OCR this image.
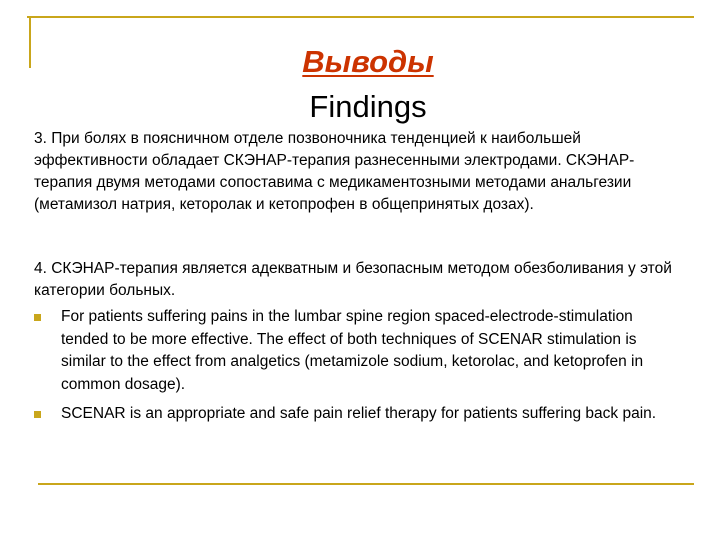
Выводы
Findings
3. При болях в поясничном отделе позвоночника тенденцией к наибольшей эффективности обладает СКЭНАР-терапия разнесенными электродами. СКЭНАР-терапия двумя методами сопоставима с медикаментозными методами анальгезии (метамизол натрия, кеторолак и кетопрофен в общепринятых дозах).
4. СКЭНАР-терапия является адекватным и безопасным методом обезболивания у этой категории больных.
For patients suffering pains in the lumbar spine region spaced-electrode-stimulation tended to be more effective. The effect of both techniques of SCENAR stimulation is similar to the effect from analgetics (metamizole sodium, ketorolac, and ketoprofen in common dosage).
SCENAR is an appropriate and safe pain relief therapy for patients suffering back pain.
